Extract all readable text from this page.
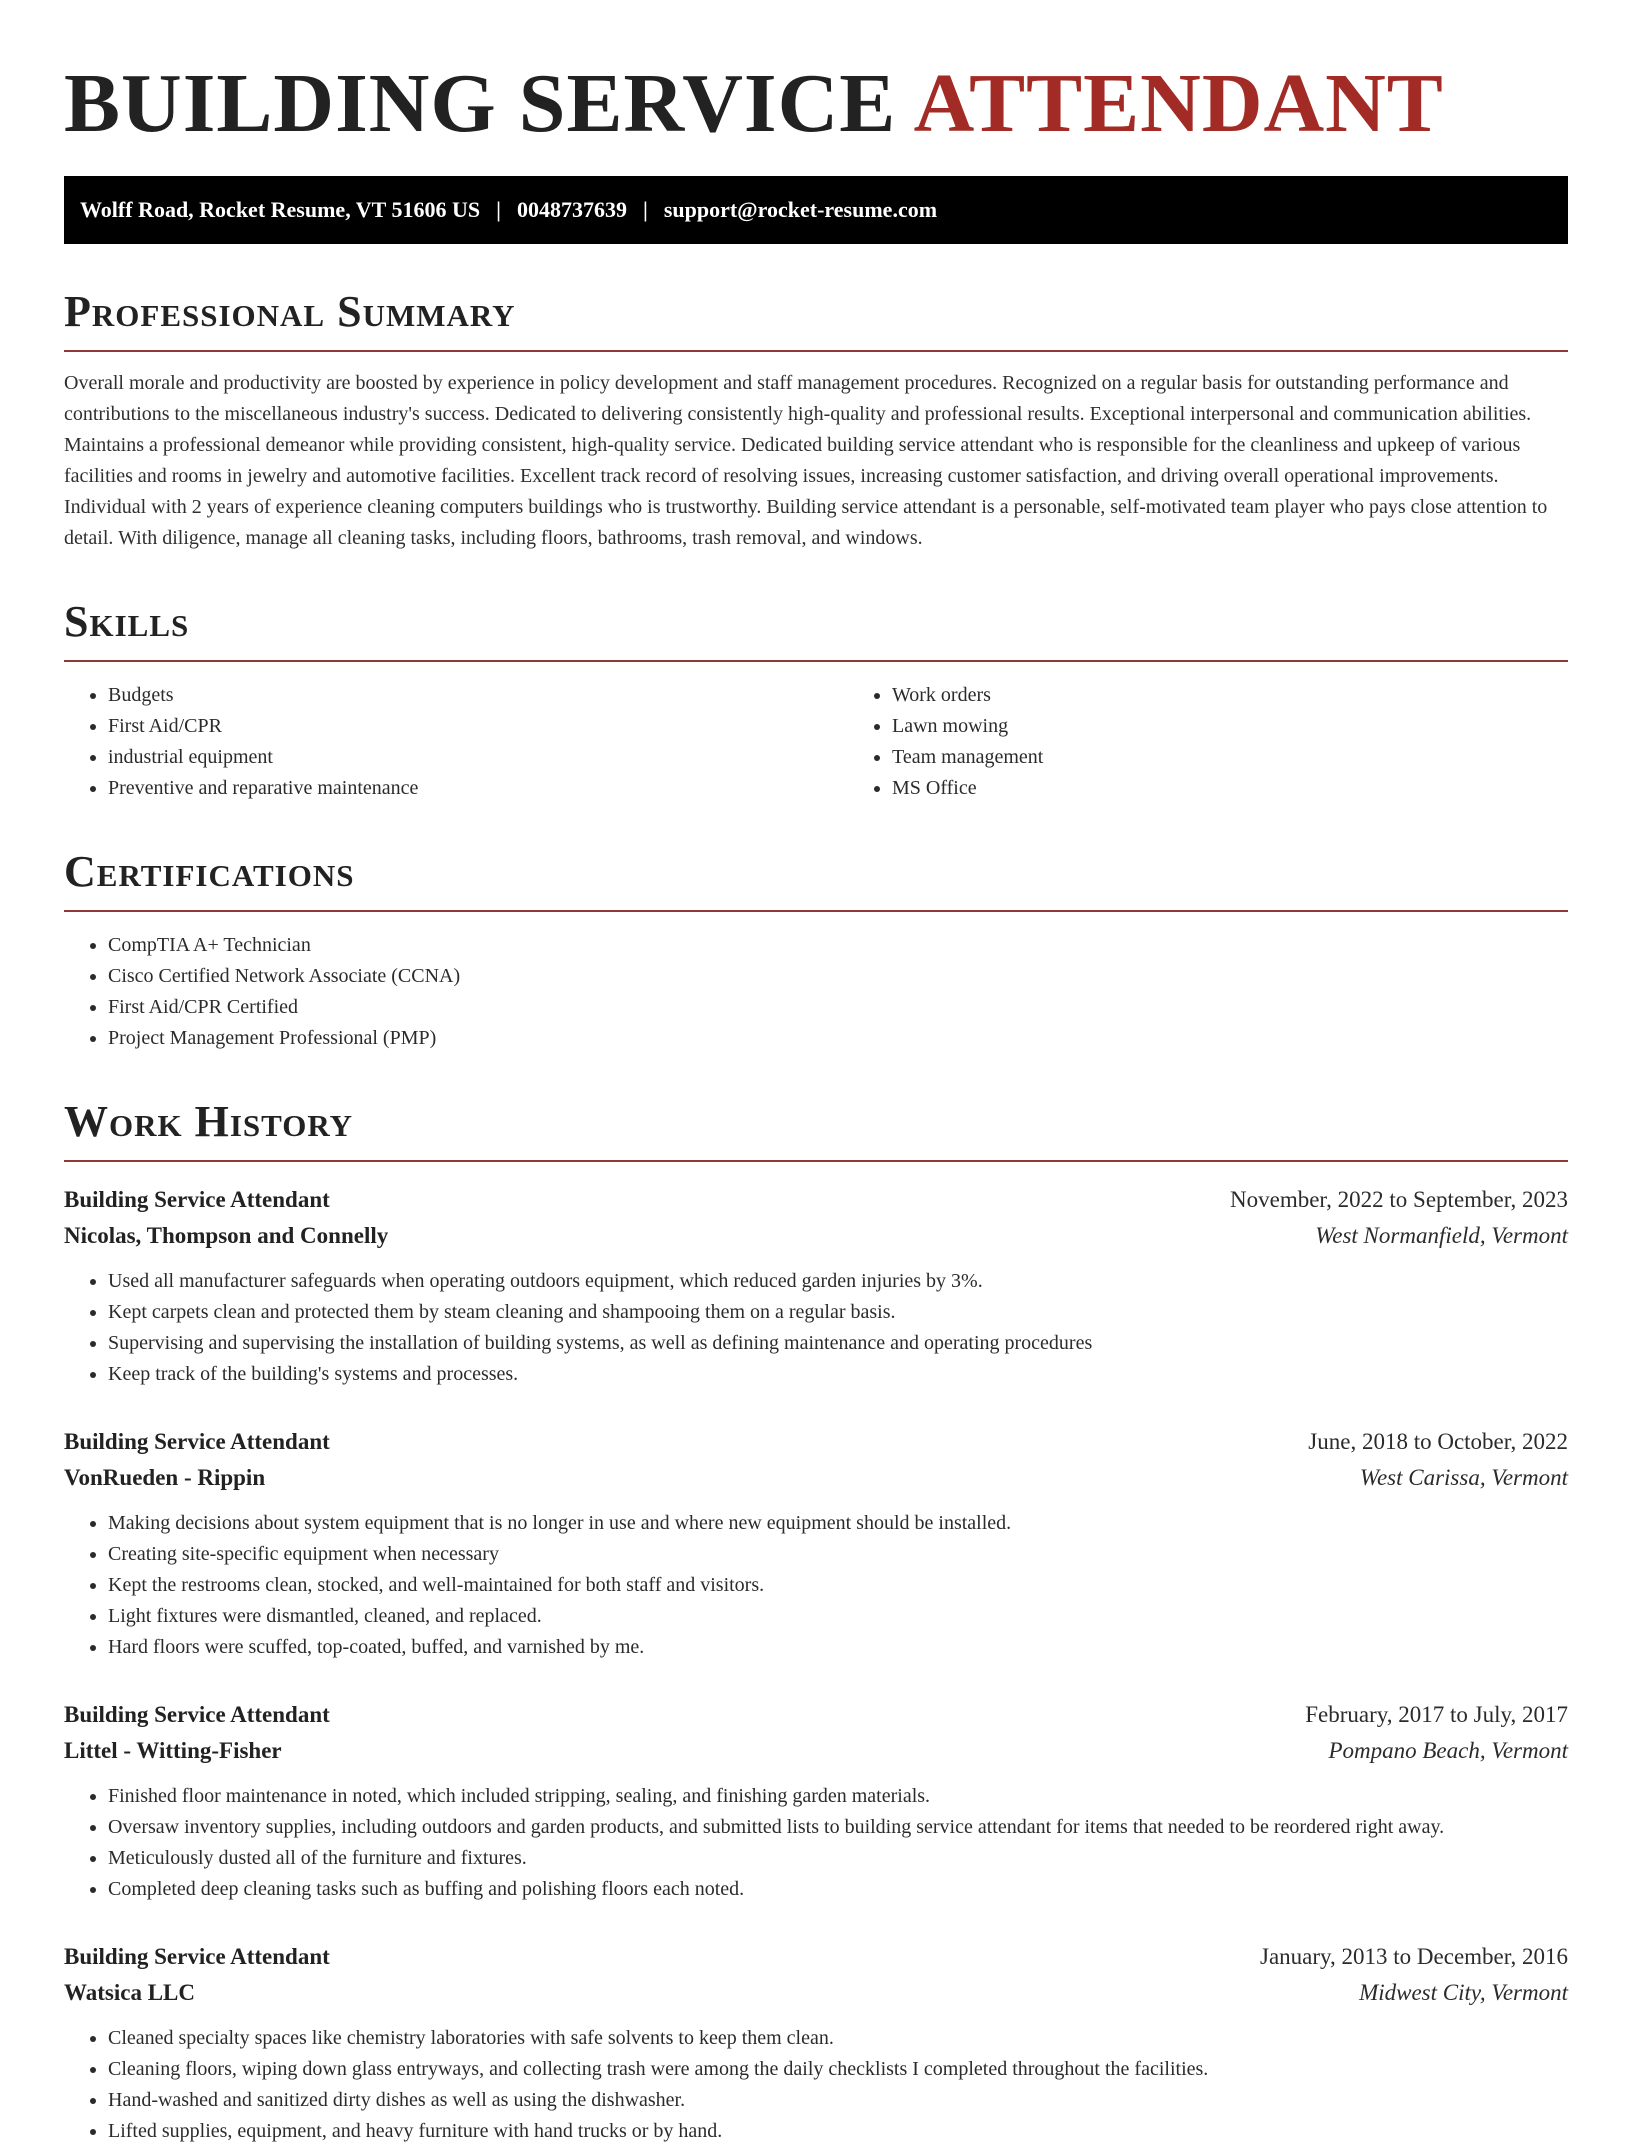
BUILDING SERVICE ATTENDANT
Wolff Road, Rocket Resume, VT 51606 US | 0048737639 | support@rocket-resume.com
Professional Summary

Overall morale and productivity are boosted by experience in policy development and staff management procedures. Recognized on a regular basis for outstanding performance and contributions to the miscellaneous industry's success. Dedicated to delivering consistently high-quality and professional results. Exceptional interpersonal and communication abilities. Maintains a professional demeanor while providing consistent, high-quality service. Dedicated building service attendant who is responsible for the cleanliness and upkeep of various facilities and rooms in jewelry and automotive facilities. Excellent track record of resolving issues, increasing customer satisfaction, and driving overall operational improvements. Individual with 2 years of experience cleaning computers buildings who is trustworthy. Building service attendant is a personable, self-motivated team player who pays close attention to detail. With diligence, manage all cleaning tasks, including floors, bathrooms, trash removal, and windows.

Skills
• Budgets
• First Aid/CPR
• industrial equipment
• Preventive and reparative maintenance
• Work orders
• Lawn mowing
• Team management
• MS Office
Certifications
• CompTIA A+ Technician
• Cisco Certified Network Associate (CCNA)
• First Aid/CPR Certified
• Project Management Professional (PMP)
Work History
Building Service Attendant	November, 2022 to September, 2023
Nicolas, Thompson and Connelly	West Normanfield, Vermont
• Used all manufacturer safeguards when operating outdoors equipment, which reduced garden injuries by 3%.
• Kept carpets clean and protected them by steam cleaning and shampooing them on a regular basis.
• Supervising and supervising the installation of building systems, as well as defining maintenance and operating procedures
• Keep track of the building's systems and processes.
Building Service Attendant	June, 2018 to October, 2022
VonRueden - Rippin	West Carissa, Vermont
• Making decisions about system equipment that is no longer in use and where new equipment should be installed.
• Creating site-specific equipment when necessary
• Kept the restrooms clean, stocked, and well-maintained for both staff and visitors.
• Light fixtures were dismantled, cleaned, and replaced.
• Hard floors were scuffed, top-coated, buffed, and varnished by me.
Building Service Attendant	February, 2017 to July, 2017
Littel - Witting-Fisher	Pompano Beach, Vermont
• Finished floor maintenance in noted, which included stripping, sealing, and finishing garden materials.
• Oversaw inventory supplies, including outdoors and garden products, and submitted lists to building service attendant for items that needed to be reordered right away.
• Meticulously dusted all of the furniture and fixtures.
• Completed deep cleaning tasks such as buffing and polishing floors each noted.
Building Service Attendant	January, 2013 to December, 2016
Watsica LLC	Midwest City, Vermont
• Cleaned specialty spaces like chemistry laboratories with safe solvents to keep them clean.
• Cleaning floors, wiping down glass entryways, and collecting trash were among the daily checklists I completed throughout the facilities.
• Hand-washed and sanitized dirty dishes as well as using the dishwasher.
• Lifted supplies, equipment, and heavy furniture with hand trucks or by hand.
